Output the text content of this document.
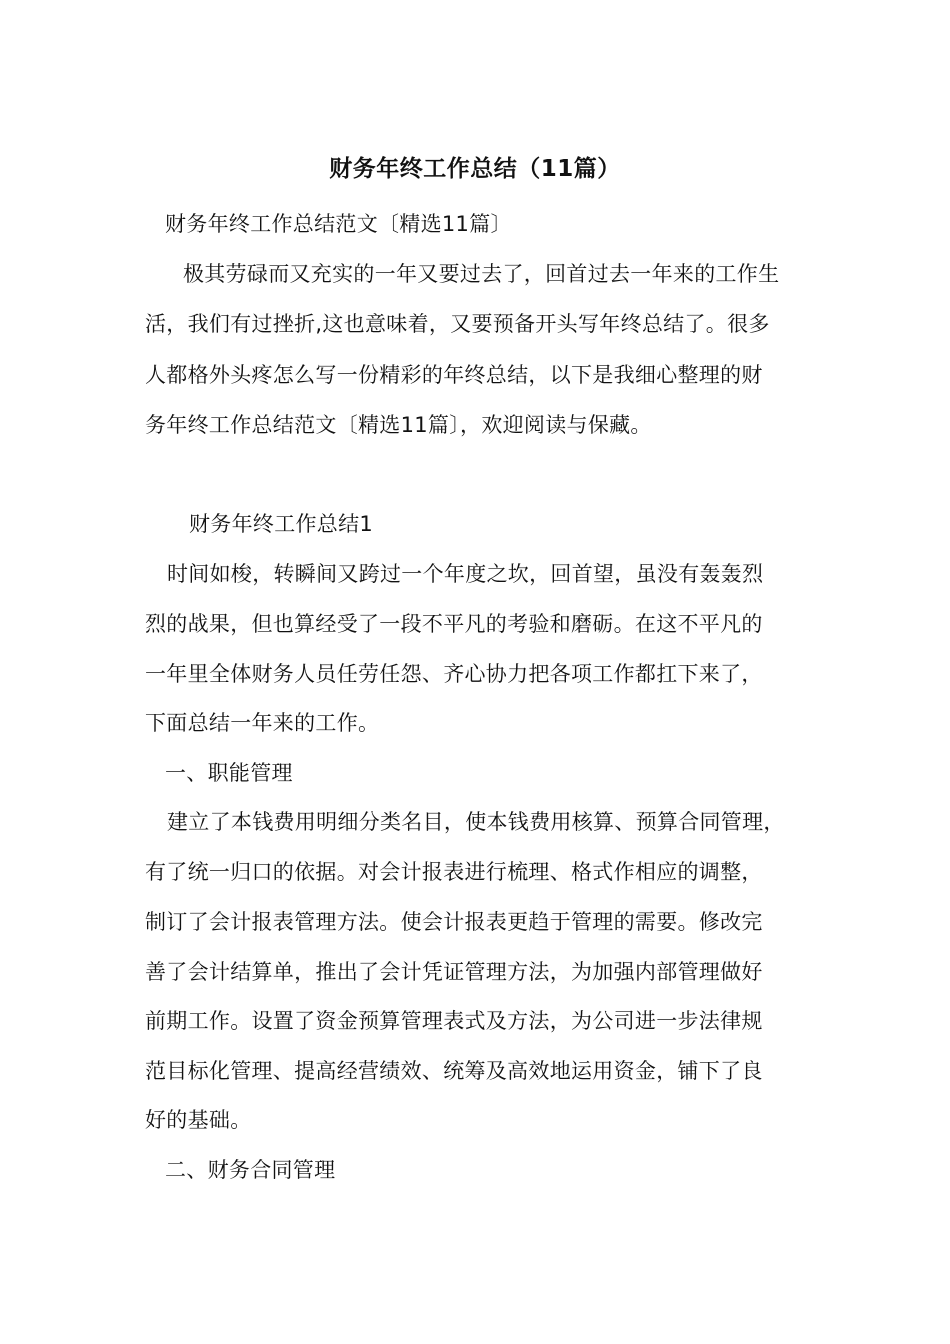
财务年终工作总结（11篇）
财务年终工作总结范文〔精选11篇〕
极其劳碌而又充实的一年又要过去了，回首过去一年来的工作生
活，我们有过挫折,这也意味着，又要预备开头写年终总结了。很多
人都格外头疼怎么写一份精彩的年终总结，以下是我细心整理的财
务年终工作总结范文〔精选11篇〕，欢迎阅读与保藏。
财务年终工作总结1
时间如梭，转瞬间又跨过一个年度之坎，回首望，虽没有轰轰烈
烈的战果，但也算经受了一段不平凡的考验和磨砺。在这不平凡的
一年里全体财务人员任劳任怨、齐心协力把各项工作都扛下来了，
下面总结一年来的工作。
一、职能管理
建立了本钱费用明细分类名目，使本钱费用核算、预算合同管理，
有了统一归口的依据。对会计报表进行梳理、格式作相应的调整，
制订了会计报表管理方法。使会计报表更趋于管理的需要。修改完
善了会计结算单，推出了会计凭证管理方法，为加强内部管理做好
前期工作。设置了资金预算管理表式及方法，为公司进一步法律规
范目标化管理、提高经营绩效、统筹及高效地运用资金，铺下了良
好的基础。
二、财务合同管理
